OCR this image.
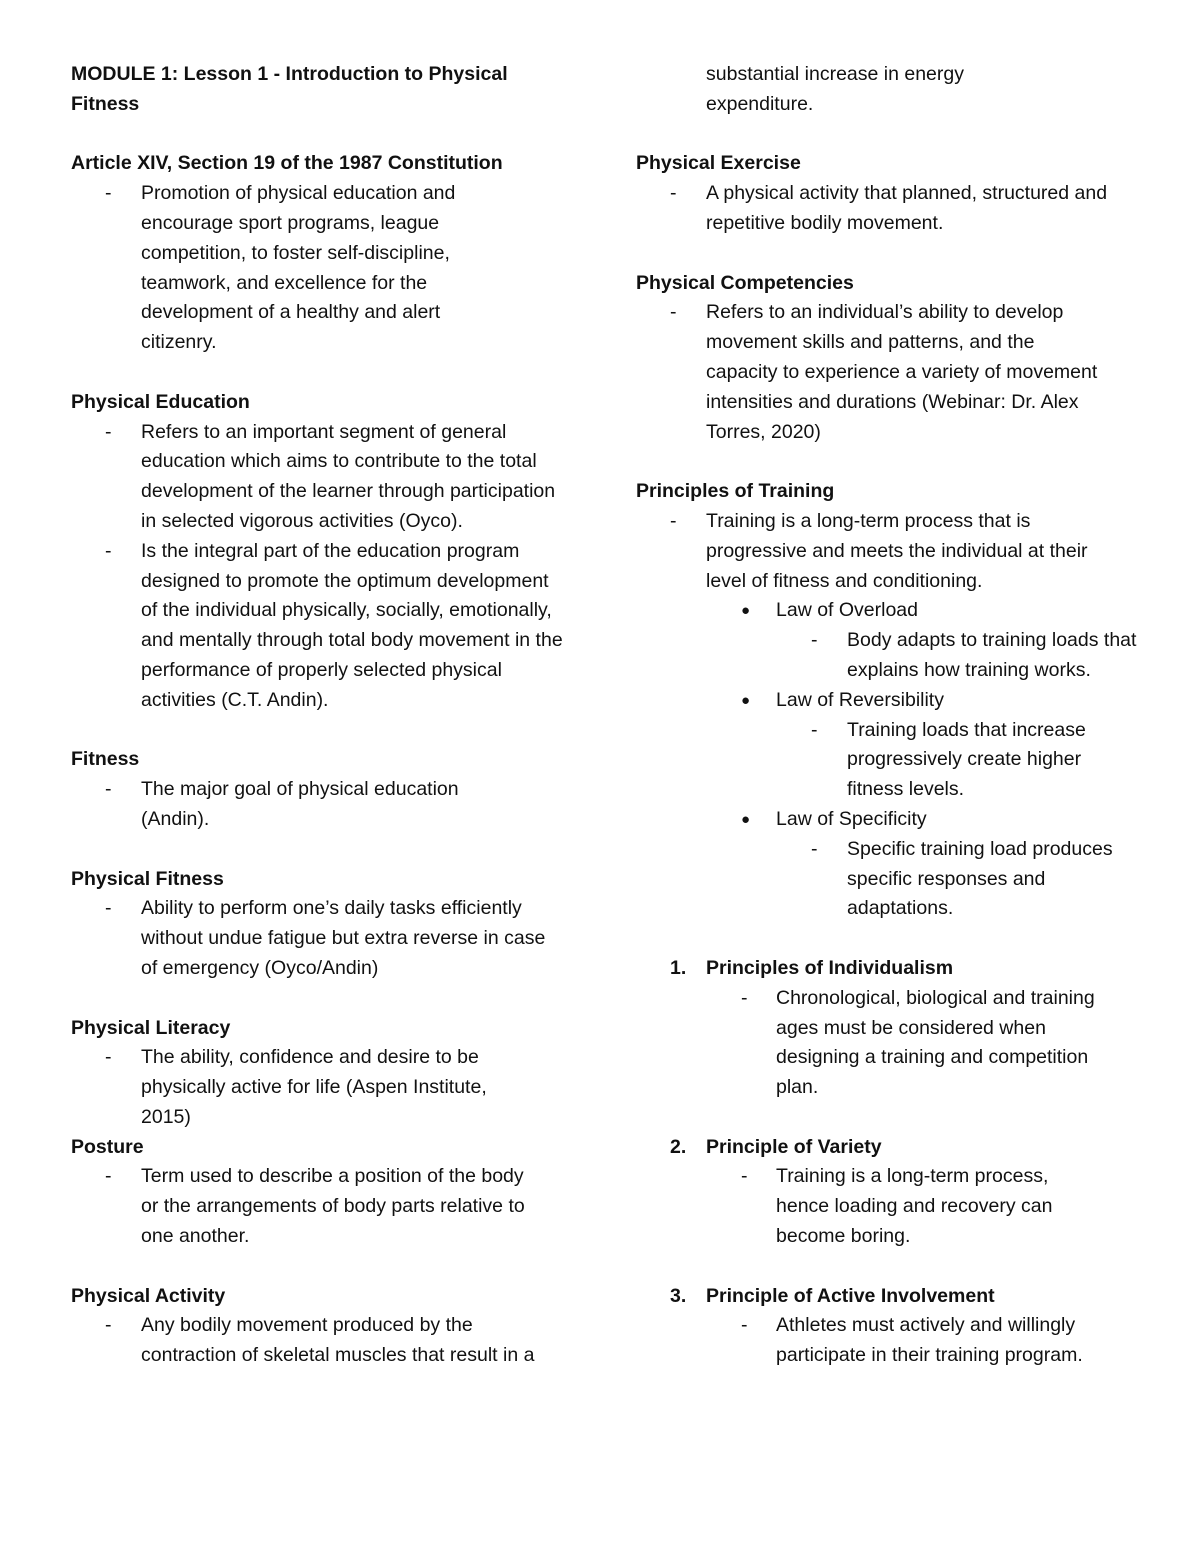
MODULE 1: Lesson 1 - Introduction to Physical Fitness
Article XIV, Section 19 of the 1987 Constitution
- Promotion of physical education and encourage sport programs, league competition, to foster self-discipline, teamwork, and excellence for the development of a healthy and alert citizenry.
Physical Education
- Refers to an important segment of general education which aims to contribute to the total development of the learner through participation in selected vigorous activities (Oyco).
- Is the integral part of the education program designed to promote the optimum development of the individual physically, socially, emotionally, and mentally through total body movement in the performance of properly selected physical activities (C.T. Andin).
Fitness
- The major goal of physical education (Andin).
Physical Fitness
- Ability to perform one’s daily tasks efficiently without undue fatigue but extra reverse in case of emergency (Oyco/Andin)
Physical Literacy
- The ability, confidence and desire to be physically active for life (Aspen Institute, 2015)
Posture
- Term used to describe a position of the body or the arrangements of body parts relative to one another.
Physical Activity
- Any bodily movement produced by the contraction of skeletal muscles that result in a
substantial increase in energy expenditure.
Physical Exercise
- A physical activity that planned, structured and repetitive bodily movement.
Physical Competencies
- Refers to an individual’s ability to develop movement skills and patterns, and the capacity to experience a variety of movement intensities and durations (Webinar: Dr. Alex Torres, 2020)
Principles of Training
- Training is a long-term process that is progressive and meets the individual at their level of fitness and conditioning.
● Law of Overload
- Body adapts to training loads that explains how training works.
● Law of Reversibility
- Training loads that increase progressively create higher fitness levels.
● Law of Specificity
- Specific training load produces specific responses and adaptations.
1. Principles of Individualism
- Chronological, biological and training ages must be considered when designing a training and competition plan.
2. Principle of Variety
- Training is a long-term process, hence loading and recovery can become boring.
3. Principle of Active Involvement
- Athletes must actively and willingly participate in their training program.
